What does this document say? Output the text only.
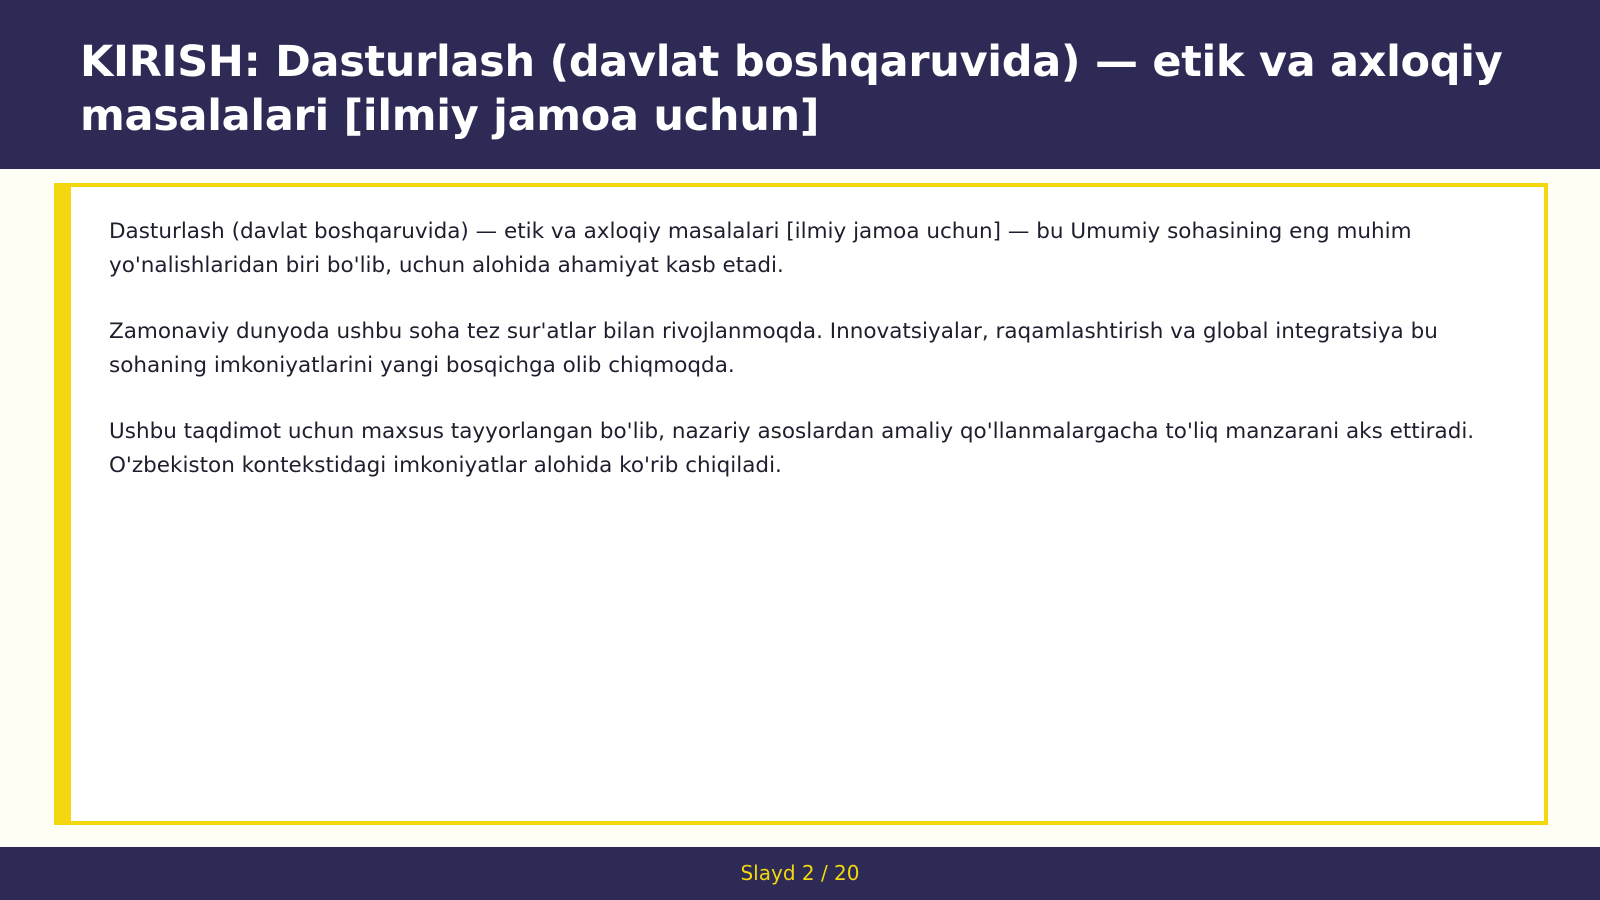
KIRISH: Dasturlash (davlat boshqaruvida) — etik va axloqiy masalalari [ilmiy jamoa uchun]

Dasturlash (davlat boshqaruvida) — etik va axloqiy masalalari [ilmiy jamoa uchun] — bu Umumiy sohasining eng muhim yo'nalishlaridan biri bo'lib, uchun alohida ahamiyat kasb etadi.

Zamonaviy dunyoda ushbu soha tez sur'atlar bilan rivojlanmoqda. Innovatsiyalar, raqamlashtirish va global integratsiya bu sohaning imkoniyatlarini yangi bosqichga olib chiqmoqda.

Ushbu taqdimot uchun maxsus tayyorlangan bo'lib, nazariy asoslardan amaliy qo'llanmalargacha to'liq manzarani aks ettiradi. O'zbekiston kontekstidagi imkoniyatlar alohida ko'rib chiqiladi.

Slayd 2 / 20
